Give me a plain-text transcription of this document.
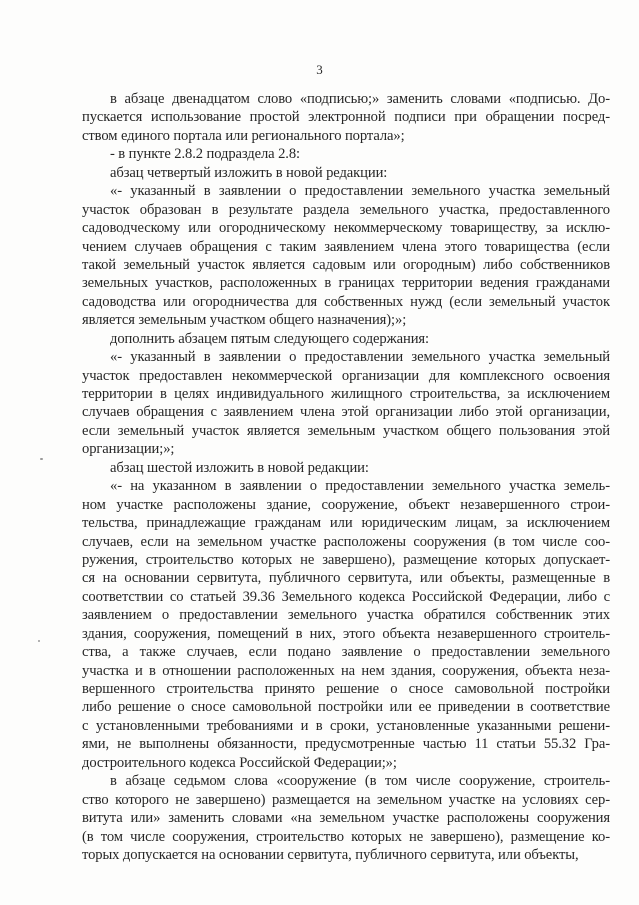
3
в абзаце двенадцатом слово «подписью;» заменить словами «подписью. До-
пускается использование простой электронной подписи при обращении посред-
ством единого портала или регионального портала»;
- в пункте 2.8.2 подраздела 2.8:
абзац четвертый изложить в новой редакции:
«- указанный в заявлении о предоставлении земельного участка земельный
участок образован в результате раздела земельного участка, предоставленного
садоводческому или огородническому некоммерческому товариществу, за исклю-
чением случаев обращения с таким заявлением члена этого товарищества (если
такой земельный участок является садовым или огородным) либо собственников
земельных участков, расположенных в границах территории ведения гражданами
садоводства или огородничества для собственных нужд (если земельный участок
является земельным участком общего назначения);»;
дополнить абзацем пятым следующего содержания:
«- указанный в заявлении о предоставлении земельного участка земельный
участок предоставлен некоммерческой организации для комплексного освоения
территории в целях индивидуального жилищного строительства, за исключением
случаев обращения с заявлением члена этой организации либо этой организации,
если земельный участок является земельным участком общего пользования этой
организации;»;
абзац шестой изложить в новой редакции:
«- на указанном в заявлении о предоставлении земельного участка земель-
ном участке расположены здание, сооружение, объект незавершенного строи-
тельства, принадлежащие гражданам или юридическим лицам, за исключением
случаев, если на земельном участке расположены сооружения (в том числе соо-
ружения, строительство которых не завершено), размещение которых допускает-
ся на основании сервитута, публичного сервитута, или объекты, размещенные в
соответствии со статьей 39.36 Земельного кодекса Российской Федерации, либо с
заявлением о предоставлении земельного участка обратился собственник этих
здания, сооружения, помещений в них, этого объекта незавершенного строитель-
ства, а также случаев, если подано заявление о предоставлении земельного
участка и в отношении расположенных на нем здания, сооружения, объекта неза-
вершенного строительства принято решение о сносе самовольной постройки
либо решение о сносе самовольной постройки или ее приведении в соответствие
с установленными требованиями и в сроки, установленные указанными решени-
ями, не выполнены обязанности, предусмотренные частью 11 статьи 55.32 Гра-
достроительного кодекса Российской Федерации;»;
в абзаце седьмом слова «сооружение (в том числе сооружение, строитель-
ство которого не завершено) размещается на земельном участке на условиях сер-
витута или» заменить словами «на земельном участке расположены сооружения
(в том числе сооружения, строительство которых не завершено), размещение ко-
торых допускается на основании сервитута, публичного сервитута, или объекты,
